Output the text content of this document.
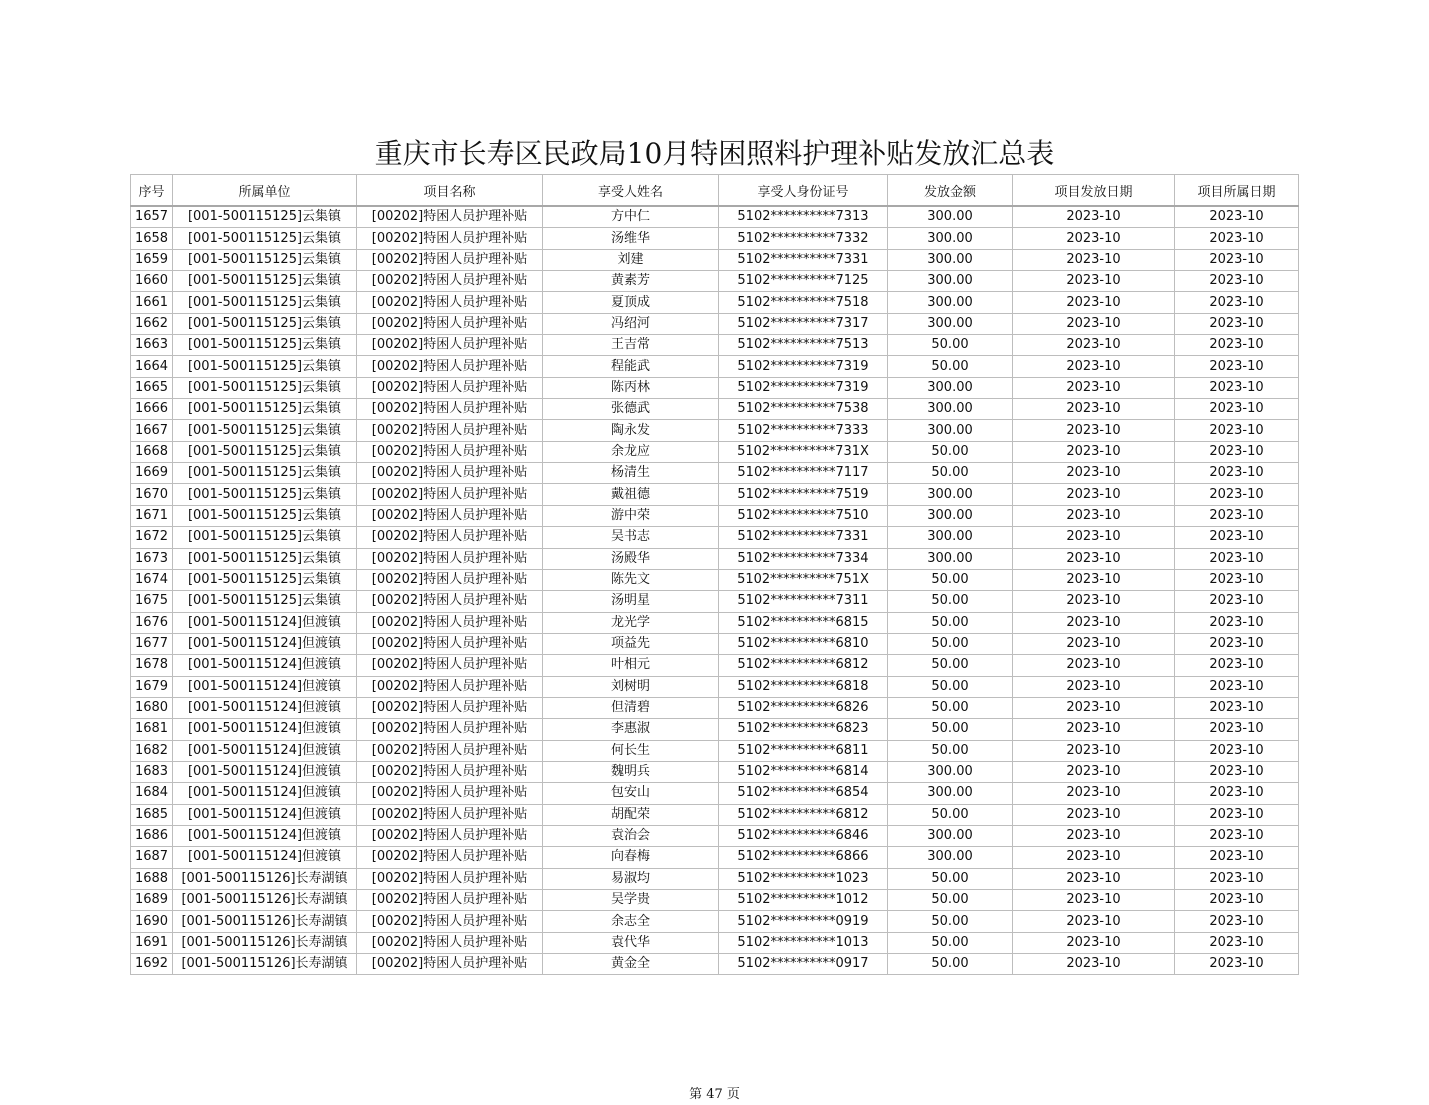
重庆市长寿区民政局10月特困照料护理补贴发放汇总表
序号	所属单位	项目名称	享受人姓名	享受人身份证号	发放金额	项目发放日期	项目所属日期
1657	[001-500115125]云集镇	[00202]特困人员护理补贴	方中仁	5102**********7313	300.00	2023-10	2023-10
1658	[001-500115125]云集镇	[00202]特困人员护理补贴	汤维华	5102**********7332	300.00	2023-10	2023-10
1659	[001-500115125]云集镇	[00202]特困人员护理补贴	刘建	5102**********7331	300.00	2023-10	2023-10
1660	[001-500115125]云集镇	[00202]特困人员护理补贴	黄素芳	5102**********7125	300.00	2023-10	2023-10
1661	[001-500115125]云集镇	[00202]特困人员护理补贴	夏顶成	5102**********7518	300.00	2023-10	2023-10
1662	[001-500115125]云集镇	[00202]特困人员护理补贴	冯绍河	5102**********7317	300.00	2023-10	2023-10
1663	[001-500115125]云集镇	[00202]特困人员护理补贴	王吉常	5102**********7513	50.00	2023-10	2023-10
1664	[001-500115125]云集镇	[00202]特困人员护理补贴	程能武	5102**********7319	50.00	2023-10	2023-10
1665	[001-500115125]云集镇	[00202]特困人员护理补贴	陈丙林	5102**********7319	300.00	2023-10	2023-10
1666	[001-500115125]云集镇	[00202]特困人员护理补贴	张德武	5102**********7538	300.00	2023-10	2023-10
1667	[001-500115125]云集镇	[00202]特困人员护理补贴	陶永发	5102**********7333	300.00	2023-10	2023-10
1668	[001-500115125]云集镇	[00202]特困人员护理补贴	余龙应	5102**********731X	50.00	2023-10	2023-10
1669	[001-500115125]云集镇	[00202]特困人员护理补贴	杨清生	5102**********7117	50.00	2023-10	2023-10
1670	[001-500115125]云集镇	[00202]特困人员护理补贴	戴祖德	5102**********7519	300.00	2023-10	2023-10
1671	[001-500115125]云集镇	[00202]特困人员护理补贴	游中荣	5102**********7510	300.00	2023-10	2023-10
1672	[001-500115125]云集镇	[00202]特困人员护理补贴	吴书志	5102**********7331	300.00	2023-10	2023-10
1673	[001-500115125]云集镇	[00202]特困人员护理补贴	汤殿华	5102**********7334	300.00	2023-10	2023-10
1674	[001-500115125]云集镇	[00202]特困人员护理补贴	陈先文	5102**********751X	50.00	2023-10	2023-10
1675	[001-500115125]云集镇	[00202]特困人员护理补贴	汤明星	5102**********7311	50.00	2023-10	2023-10
1676	[001-500115124]但渡镇	[00202]特困人员护理补贴	龙光学	5102**********6815	50.00	2023-10	2023-10
1677	[001-500115124]但渡镇	[00202]特困人员护理补贴	项益先	5102**********6810	50.00	2023-10	2023-10
1678	[001-500115124]但渡镇	[00202]特困人员护理补贴	叶相元	5102**********6812	50.00	2023-10	2023-10
1679	[001-500115124]但渡镇	[00202]特困人员护理补贴	刘树明	5102**********6818	50.00	2023-10	2023-10
1680	[001-500115124]但渡镇	[00202]特困人员护理补贴	但清碧	5102**********6826	50.00	2023-10	2023-10
1681	[001-500115124]但渡镇	[00202]特困人员护理补贴	李惠淑	5102**********6823	50.00	2023-10	2023-10
1682	[001-500115124]但渡镇	[00202]特困人员护理补贴	何长生	5102**********6811	50.00	2023-10	2023-10
1683	[001-500115124]但渡镇	[00202]特困人员护理补贴	魏明兵	5102**********6814	300.00	2023-10	2023-10
1684	[001-500115124]但渡镇	[00202]特困人员护理补贴	包安山	5102**********6854	300.00	2023-10	2023-10
1685	[001-500115124]但渡镇	[00202]特困人员护理补贴	胡配荣	5102**********6812	50.00	2023-10	2023-10
1686	[001-500115124]但渡镇	[00202]特困人员护理补贴	袁治会	5102**********6846	300.00	2023-10	2023-10
1687	[001-500115124]但渡镇	[00202]特困人员护理补贴	向春梅	5102**********6866	300.00	2023-10	2023-10
1688	[001-500115126]长寿湖镇	[00202]特困人员护理补贴	易淑均	5102**********1023	50.00	2023-10	2023-10
1689	[001-500115126]长寿湖镇	[00202]特困人员护理补贴	吴学贵	5102**********1012	50.00	2023-10	2023-10
1690	[001-500115126]长寿湖镇	[00202]特困人员护理补贴	余志全	5102**********0919	50.00	2023-10	2023-10
1691	[001-500115126]长寿湖镇	[00202]特困人员护理补贴	袁代华	5102**********1013	50.00	2023-10	2023-10
1692	[001-500115126]长寿湖镇	[00202]特困人员护理补贴	黄金全	5102**********0917	50.00	2023-10	2023-10
第 47 页
